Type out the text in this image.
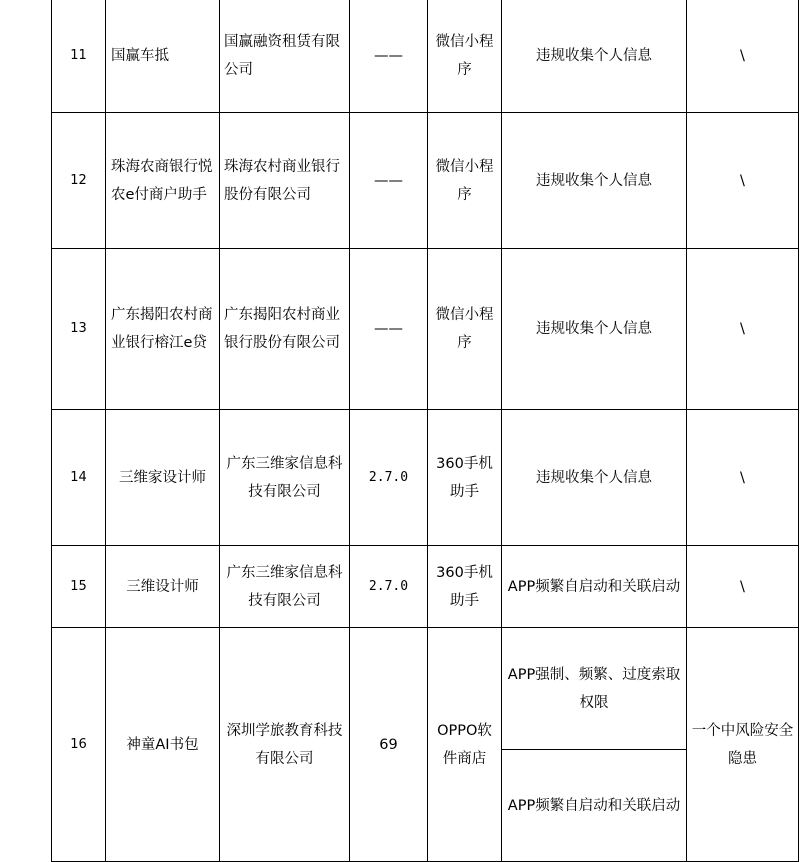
11	国赢车抵	国赢融资租赁有限公司	——	微信小程序	违规收集个人信息	\
12	珠海农商银行悦农e付商户助手	珠海农村商业银行股份有限公司	——	微信小程序	违规收集个人信息	\
13	广东揭阳农村商业银行榕江e贷	广东揭阳农村商业银行股份有限公司	——	微信小程序	违规收集个人信息	\
14	三维家设计师	广东三维家信息科技有限公司	2.7.0	360手机助手	违规收集个人信息	\
15	三维设计师	广东三维家信息科技有限公司	2.7.0	360手机助手	APP频繁自启动和关联启动	\
16	神童AI书包	深圳学旅教育科技有限公司	69	OPPO软件商店	APP强制、频繁、过度索取权限	一个中风险安全隐患
					APP频繁自启动和关联启动	
